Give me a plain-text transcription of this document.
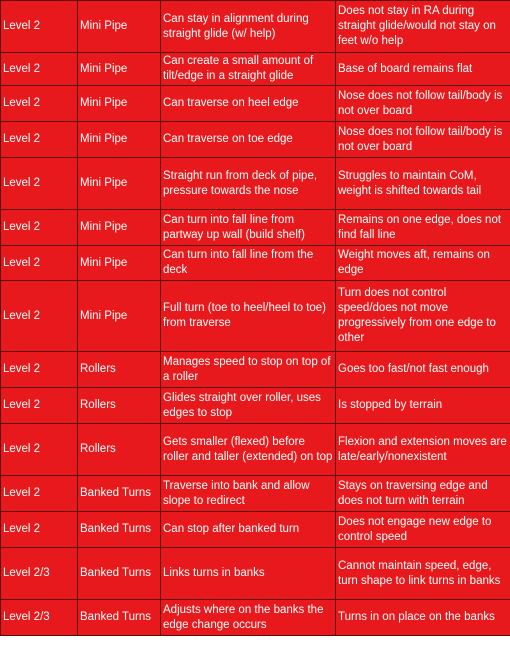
Level 2	Mini Pipe	Can stay in alignment during straight glide (w/ help)	Does not stay in RA during straight glide/would not stay on feet w/o help
Level 2	Mini Pipe	Can create a small amount of tilt/edge in a straight glide	Base of board remains flat
Level 2	Mini Pipe	Can traverse on heel edge	Nose does not follow tail/body is not over board
Level 2	Mini Pipe	Can traverse on toe edge	Nose does not follow tail/body is not over board
Level 2	Mini Pipe	Straight run from deck of pipe, pressure towards the nose	Struggles to maintain CoM, weight is shifted towards tail
Level 2	Mini Pipe	Can turn into fall line from partway up wall (build shelf)	Remains on one edge, does not find fall line
Level 2	Mini Pipe	Can turn into fall line from the deck	Weight moves aft, remains on edge
Level 2	Mini Pipe	Full turn (toe to heel/heel to toe) from traverse	Turn does not control speed/does not move progressively from one edge to other
Level 2	Rollers	Manages speed to stop on top of a roller	Goes too fast/not fast enough
Level 2	Rollers	Glides straight over roller, uses edges to stop	Is stopped by terrain
Level 2	Rollers	Gets smaller (flexed) before roller and taller (extended) on top	Flexion and extension moves are late/early/nonexistent
Level 2	Banked Turns	Traverse into bank and allow slope to redirect	Stays on traversing edge and does not turn with terrain
Level 2	Banked Turns	Can stop after banked turn	Does not engage new edge to control speed
Level 2/3	Banked Turns	Links turns in banks	Cannot maintain speed, edge, turn shape to link turns in banks
Level 2/3	Banked Turns	Adjusts where on the banks the edge change occurs	Turns in on place on the banks
